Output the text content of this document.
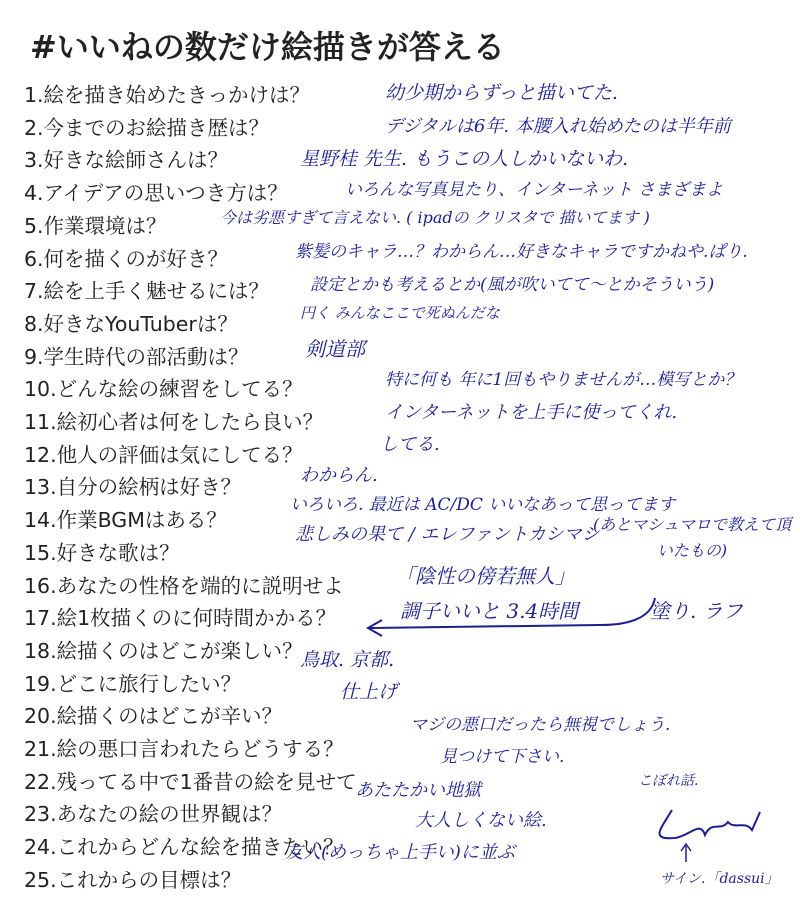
#いいねの数だけ絵描きが答える
1.絵を描き始めたきっかけは？
2.今までのお絵描き歴は？
3.好きな絵師さんは？
4.アイデアの思いつき方は？
5.作業環境は？
6.何を描くのが好き？
7.絵を上手く魅せるには？
8.好きなYouTuberは？
9.学生時代の部活動は？
10.どんな絵の練習をしてる？
11.絵初心者は何をしたら良い？
12.他人の評価は気にしてる？
13.自分の絵柄は好き？
14.作業BGMはある？
15.好きな歌は？
16.あなたの性格を端的に説明せよ
17.絵1枚描くのに何時間かかる？
18.絵描くのはどこが楽しい？
19.どこに旅行したい？
20.絵描くのはどこが辛い？
21.絵の悪口言われたらどうする？
22.残ってる中で1番昔の絵を見せて
23.あなたの絵の世界観は？
24.これからどんな絵を描きたい？
25.これからの目標は？
幼少期からずっと描いてた.
デジタルは6年. 本腰入れ始めたのは半年前
星野桂 先生. もうこの人しかいないわ.
いろんな写真見たり、インターネット さまざまよ
今は劣悪すぎて言えない. ( ipadの クリスタで 描いてます )
紫髪のキャラ…？わからん…好きなキャラですかねや.ぱり.
設定とかも考えるとか(風が吹いてて〜とかそういう)
円く みんなここで死ぬんだな
剣道部
特に何も 年に1回もやりませんが…模写とか？
インターネットを上手に使ってくれ.
してる.
わからん.
いろいろ. 最近は AC/DC いいなあって思ってます
悲しみの果て / エレファントカシマシ
「陰性の傍若無人」
調子いいと 3.4時間	塗り. ラフ
鳥取. 京都.
仕上げ
マジの悪口だったら無視でしょう.
見つけて下さい.
あたたかい地獄
大人しくない絵.
友人(めっちゃ上手い)に並ぶ
(あとマシュマロで教えて頂いたもの)
こぼれ話.
サイン.「dassui」
